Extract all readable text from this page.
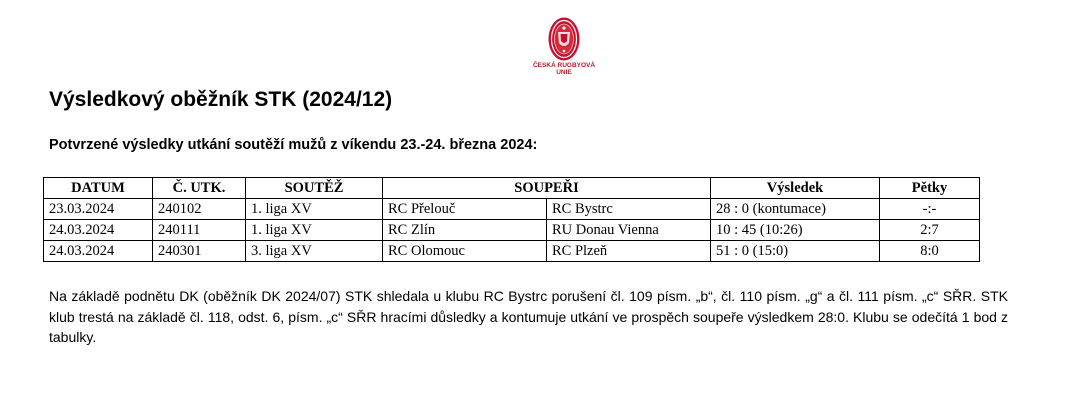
ČESKÁ RUGBYOVÁ
UNIE
Výsledkový oběžník STK (2024/12)
Potvrzené výsledky utkání soutěží mužů z víkendu 23.-24. března 2024:
DATUM	Č. UTK.	SOUTĚŽ	SOUPEŘI		Výsledek	Pětky
23.03.2024	240102	1. liga XV	RC Přelouč	RC Bystrc	28 : 0 (kontumace)	-:-
24.03.2024	240111	1. liga XV	RC Zlín	RU Donau Vienna	10 : 45 (10:26)	2:7
24.03.2024	240301	3. liga XV	RC Olomouc	RC Plzeň	51 : 0 (15:0)	8:0
Na základě podnětu DK (oběžník DK 2024/07) STK shledala u klubu RC Bystrc porušení čl. 109 písm. „b“, čl. 110 písm. „g“ a čl. 111 písm. „c“ SŘR. STK klub trestá na základě čl. 118, odst. 6, písm. „c“ SŘR hracími důsledky a kontumuje utkání ve prospěch soupeře výsledkem 28:0. Klubu se odečítá 1 bod z tabulky.
